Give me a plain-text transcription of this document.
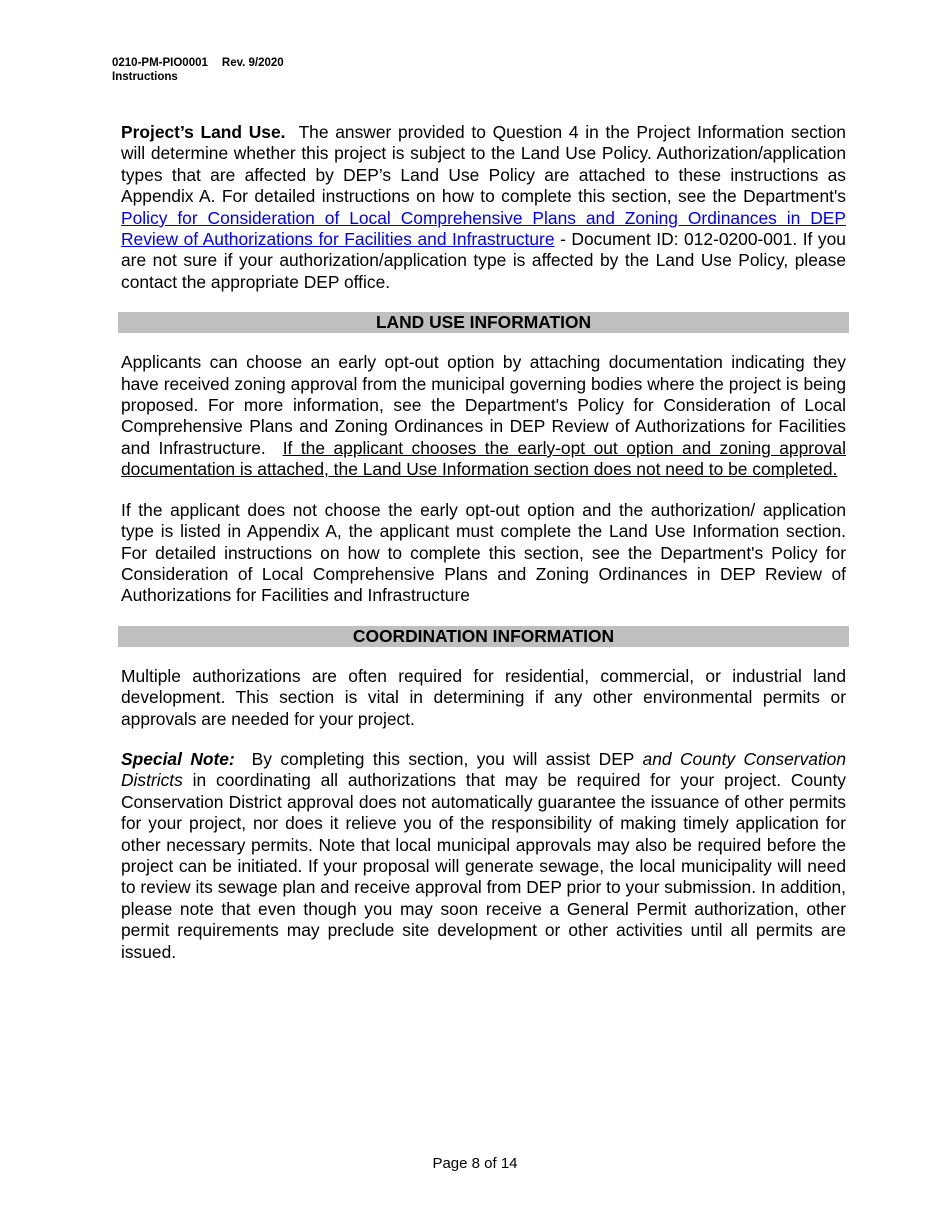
0210-PM-PIO0001 Rev. 9/2020
Instructions

Project’s Land Use. The answer provided to Question 4 in the Project Information section will determine whether this project is subject to the Land Use Policy. Authorization/application types that are affected by DEP’s Land Use Policy are attached to these instructions as Appendix A. For detailed instructions on how to complete this section, see the Department's Policy for Consideration of Local Comprehensive Plans and Zoning Ordinances in DEP Review of Authorizations for Facilities and Infrastructure - Document ID: 012-0200-001. If you are not sure if your authorization/application type is affected by the Land Use Policy, please contact the appropriate DEP office.

LAND USE INFORMATION

Applicants can choose an early opt-out option by attaching documentation indicating they have received zoning approval from the municipal governing bodies where the project is being proposed. For more information, see the Department's Policy for Consideration of Local Comprehensive Plans and Zoning Ordinances in DEP Review of Authorizations for Facilities and Infrastructure. If the applicant chooses the early-opt out option and zoning approval documentation is attached, the Land Use Information section does not need to be completed.

If the applicant does not choose the early opt-out option and the authorization/ application type is listed in Appendix A, the applicant must complete the Land Use Information section. For detailed instructions on how to complete this section, see the Department's Policy for Consideration of Local Comprehensive Plans and Zoning Ordinances in DEP Review of Authorizations for Facilities and Infrastructure

COORDINATION INFORMATION

Multiple authorizations are often required for residential, commercial, or industrial land development. This section is vital in determining if any other environmental permits or approvals are needed for your project.

Special Note: By completing this section, you will assist DEP and County Conservation Districts in coordinating all authorizations that may be required for your project. County Conservation District approval does not automatically guarantee the issuance of other permits for your project, nor does it relieve you of the responsibility of making timely application for other necessary permits. Note that local municipal approvals may also be required before the project can be initiated. If your proposal will generate sewage, the local municipality will need to review its sewage plan and receive approval from DEP prior to your submission. In addition, please note that even though you may soon receive a General Permit authorization, other permit requirements may preclude site development or other activities until all permits are issued.

Page 8 of 14
